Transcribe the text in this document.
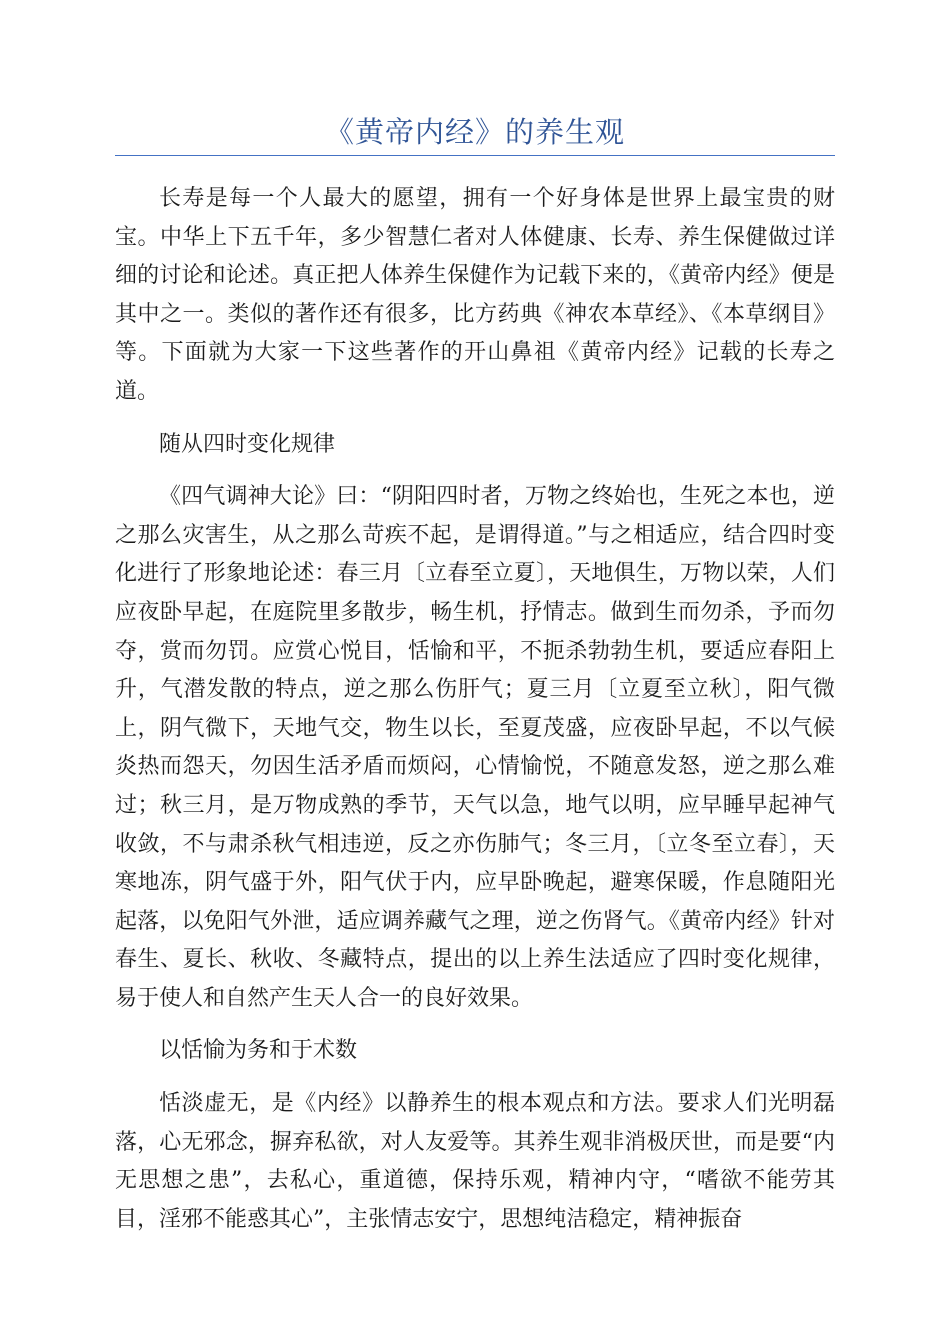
《黄帝内经》的养生观

长寿是每一个人最大的愿望，拥有一个好身体是世界上最宝贵的财宝。中华上下五千年，多少智慧仁者对人体健康、长寿、养生保健做过详细的讨论和论述。真正把人体养生保健作为记载下来的，《黄帝内经》便是其中之一。类似的著作还有很多，比方药典《神农本草经》、《本草纲目》等。下面就为大家一下这些著作的开山鼻祖《黄帝内经》记载的长寿之道。

随从四时变化规律

《四气调神大论》曰：“阴阳四时者，万物之终始也，生死之本也，逆之那么灾害生，从之那么苛疾不起，是谓得道。”与之相适应，结合四时变化进行了形象地论述：春三月〔立春至立夏〕，天地俱生，万物以荣，人们应夜卧早起，在庭院里多散步，畅生机，抒情志。做到生而勿杀，予而勿夺，赏而勿罚。应赏心悦目，恬愉和平，不扼杀勃勃生机，要适应春阳上升，气潜发散的特点，逆之那么伤肝气；夏三月〔立夏至立秋〕，阳气微上，阴气微下，天地气交，物生以长，至夏茂盛，应夜卧早起，不以气候炎热而怨天，勿因生活矛盾而烦闷，心情愉悦，不随意发怒，逆之那么难过；秋三月，是万物成熟的季节，天气以急，地气以明，应早睡早起神气收敛，不与肃杀秋气相违逆，反之亦伤肺气；冬三月，〔立冬至立春〕，天寒地冻，阴气盛于外，阳气伏于内，应早卧晚起，避寒保暖，作息随阳光起落，以免阳气外泄，适应调养藏气之理，逆之伤肾气。《黄帝内经》针对春生、夏长、秋收、冬藏特点，提出的以上养生法适应了四时变化规律，易于使人和自然产生天人合一的良好效果。

以恬愉为务和于术数

恬淡虚无，是《内经》以静养生的根本观点和方法。要求人们光明磊落，心无邪念，摒弃私欲，对人友爱等。其养生观非消极厌世，而是要“内无思想之患”，去私心，重道德，保持乐观，精神内守，“嗜欲不能劳其目，淫邪不能惑其心”，主张情志安宁，思想纯洁稳定，精神振奋
